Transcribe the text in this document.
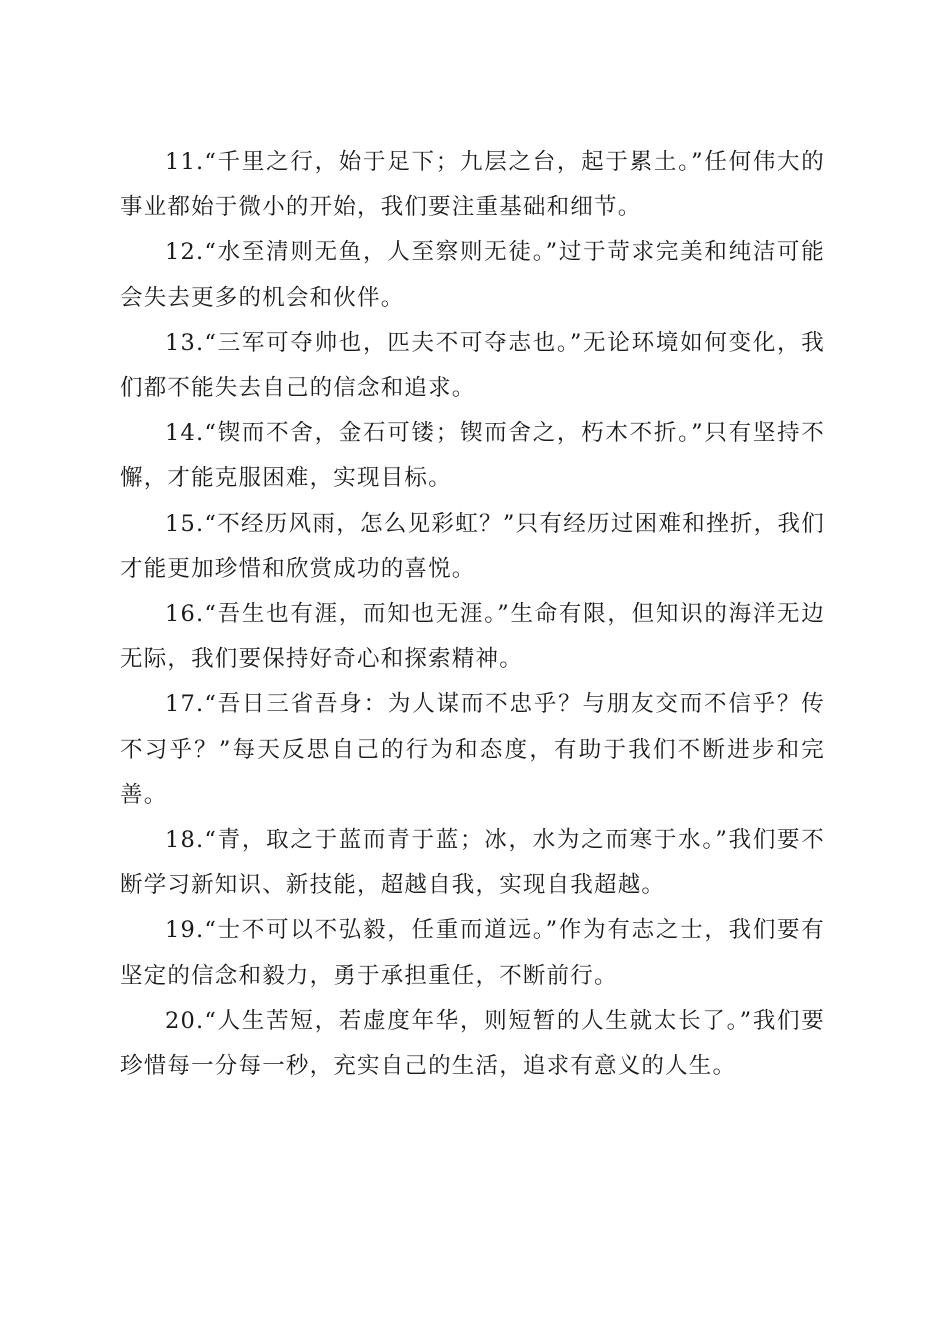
11.“千里之行，始于足下；九层之台，起于累土。”任何伟大的事业都始于微小的开始，我们要注重基础和细节。

12.“水至清则无鱼，人至察则无徒。”过于苛求完美和纯洁可能会失去更多的机会和伙伴。

13.“三军可夺帅也，匹夫不可夺志也。”无论环境如何变化，我们都不能失去自己的信念和追求。

14.“锲而不舍，金石可镂；锲而舍之，朽木不折。”只有坚持不懈，才能克服困难，实现目标。

15.“不经历风雨，怎么见彩虹？”只有经历过困难和挫折，我们才能更加珍惜和欣赏成功的喜悦。

16.“吾生也有涯，而知也无涯。”生命有限，但知识的海洋无边无际，我们要保持好奇心和探索精神。

17.“吾日三省吾身：为人谋而不忠乎？与朋友交而不信乎？传不习乎？”每天反思自己的行为和态度，有助于我们不断进步和完善。

18.“青，取之于蓝而青于蓝；冰，水为之而寒于水。”我们要不断学习新知识、新技能，超越自我，实现自我超越。

19.“士不可以不弘毅，任重而道远。”作为有志之士，我们要有坚定的信念和毅力，勇于承担重任，不断前行。

20.“人生苦短，若虚度年华，则短暂的人生就太长了。”我们要珍惜每一分每一秒，充实自己的生活，追求有意义的人生。
